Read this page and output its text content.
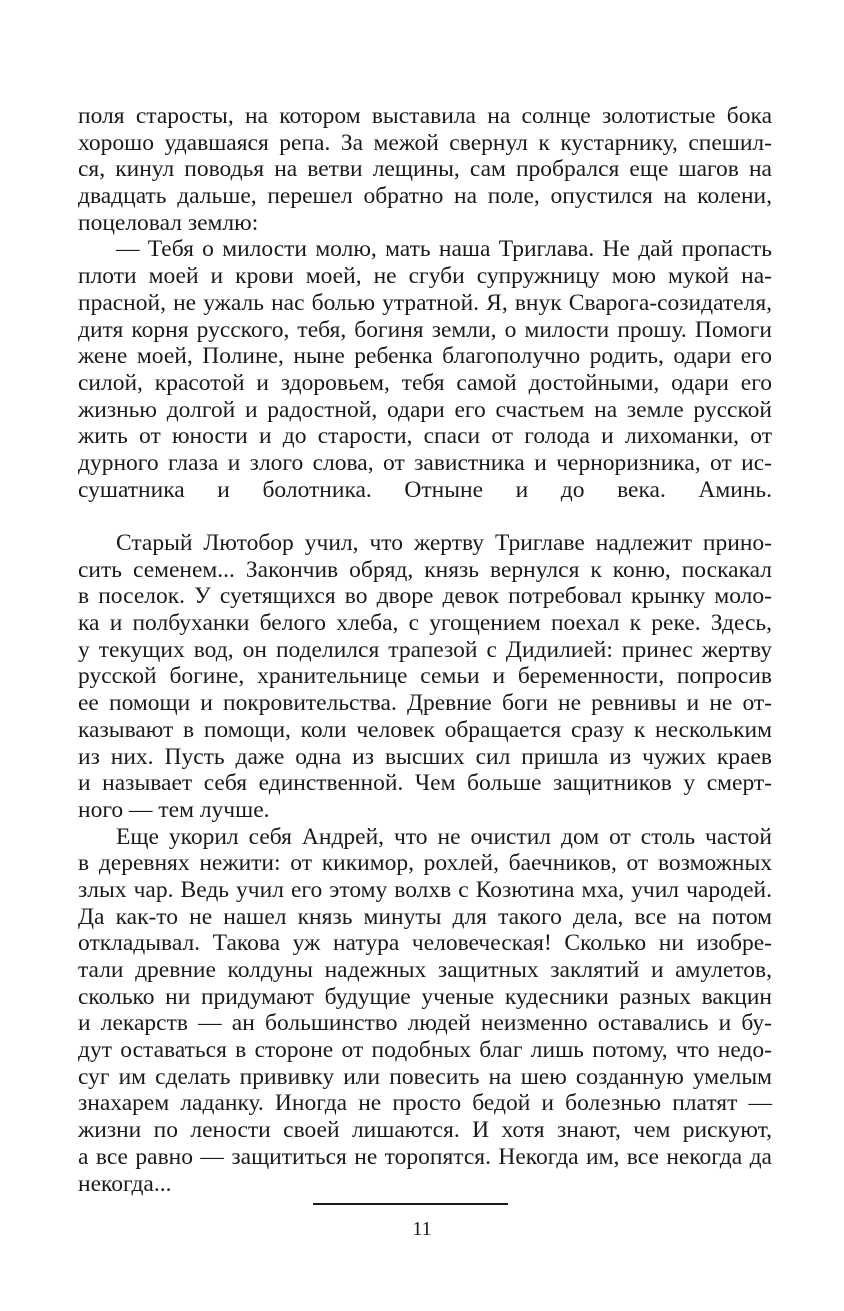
поля старосты, на котором выставила на солнце золотистые бока
хорошо удавшаяся репа. За межой свернул к кустарнику, спешил-
ся, кинул поводья на ветви лещины, сам пробрался еще шагов на
двадцать дальше, перешел обратно на поле, опустился на колени,
поцеловал землю:
— Тебя о милости молю, мать наша Триглава. Не дай пропасть
плоти моей и крови моей, не сгуби супружницу мою мукой на-
прасной, не ужаль нас болью утратной. Я, внук Сварога-созидателя,
дитя корня русского, тебя, богиня земли, о милости прошу. Помоги
жене моей, Полине, ныне ребенка благополучно родить, одари его
силой, красотой и здоровьем, тебя самой достойными, одари его
жизнью долгой и радостной, одари его счастьем на земле русской
жить от юности и до старости, спаси от голода и лихоманки, от
дурного глаза и злого слова, от завистника и черноризника, от ис-
сушатника и болотника. Отныне и до века. Аминь.
Старый Лютобор учил, что жертву Триглаве надлежит прино-
сить семенем... Закончив обряд, князь вернулся к коню, поскакал
в поселок. У суетящихся во дворе девок потребовал крынку моло-
ка и полбуханки белого хлеба, с угощением поехал к реке. Здесь,
у текущих вод, он поделился трапезой с Дидилией: принес жертву
русской богине, хранительнице семьи и беременности, попросив
ее помощи и покровительства. Древние боги не ревнивы и не от-
казывают в помощи, коли человек обращается сразу к нескольким
из них. Пусть даже одна из высших сил пришла из чужих краев
и называет себя единственной. Чем больше защитников у смерт-
ного — тем лучше.
Еще укорил себя Андрей, что не очистил дом от столь частой
в деревнях нежити: от кикимор, рохлей, баечников, от возможных
злых чар. Ведь учил его этому волхв с Козютина мха, учил чародей.
Да как-то не нашел князь минуты для такого дела, все на потом
откладывал. Такова уж натура человеческая! Сколько ни изобре-
тали древние колдуны надежных защитных заклятий и амулетов,
сколько ни придумают будущие ученые кудесники разных вакцин
и лекарств — ан большинство людей неизменно оставались и бу-
дут оставаться в стороне от подобных благ лишь потому, что недо-
суг им сделать прививку или повесить на шею созданную умелым
знахарем ладанку. Иногда не просто бедой и болезнью платят —
жизни по лености своей лишаются. И хотя знают, чем рискуют,
а все равно — защититься не торопятся. Некогда им, все некогда да
некогда...
11
